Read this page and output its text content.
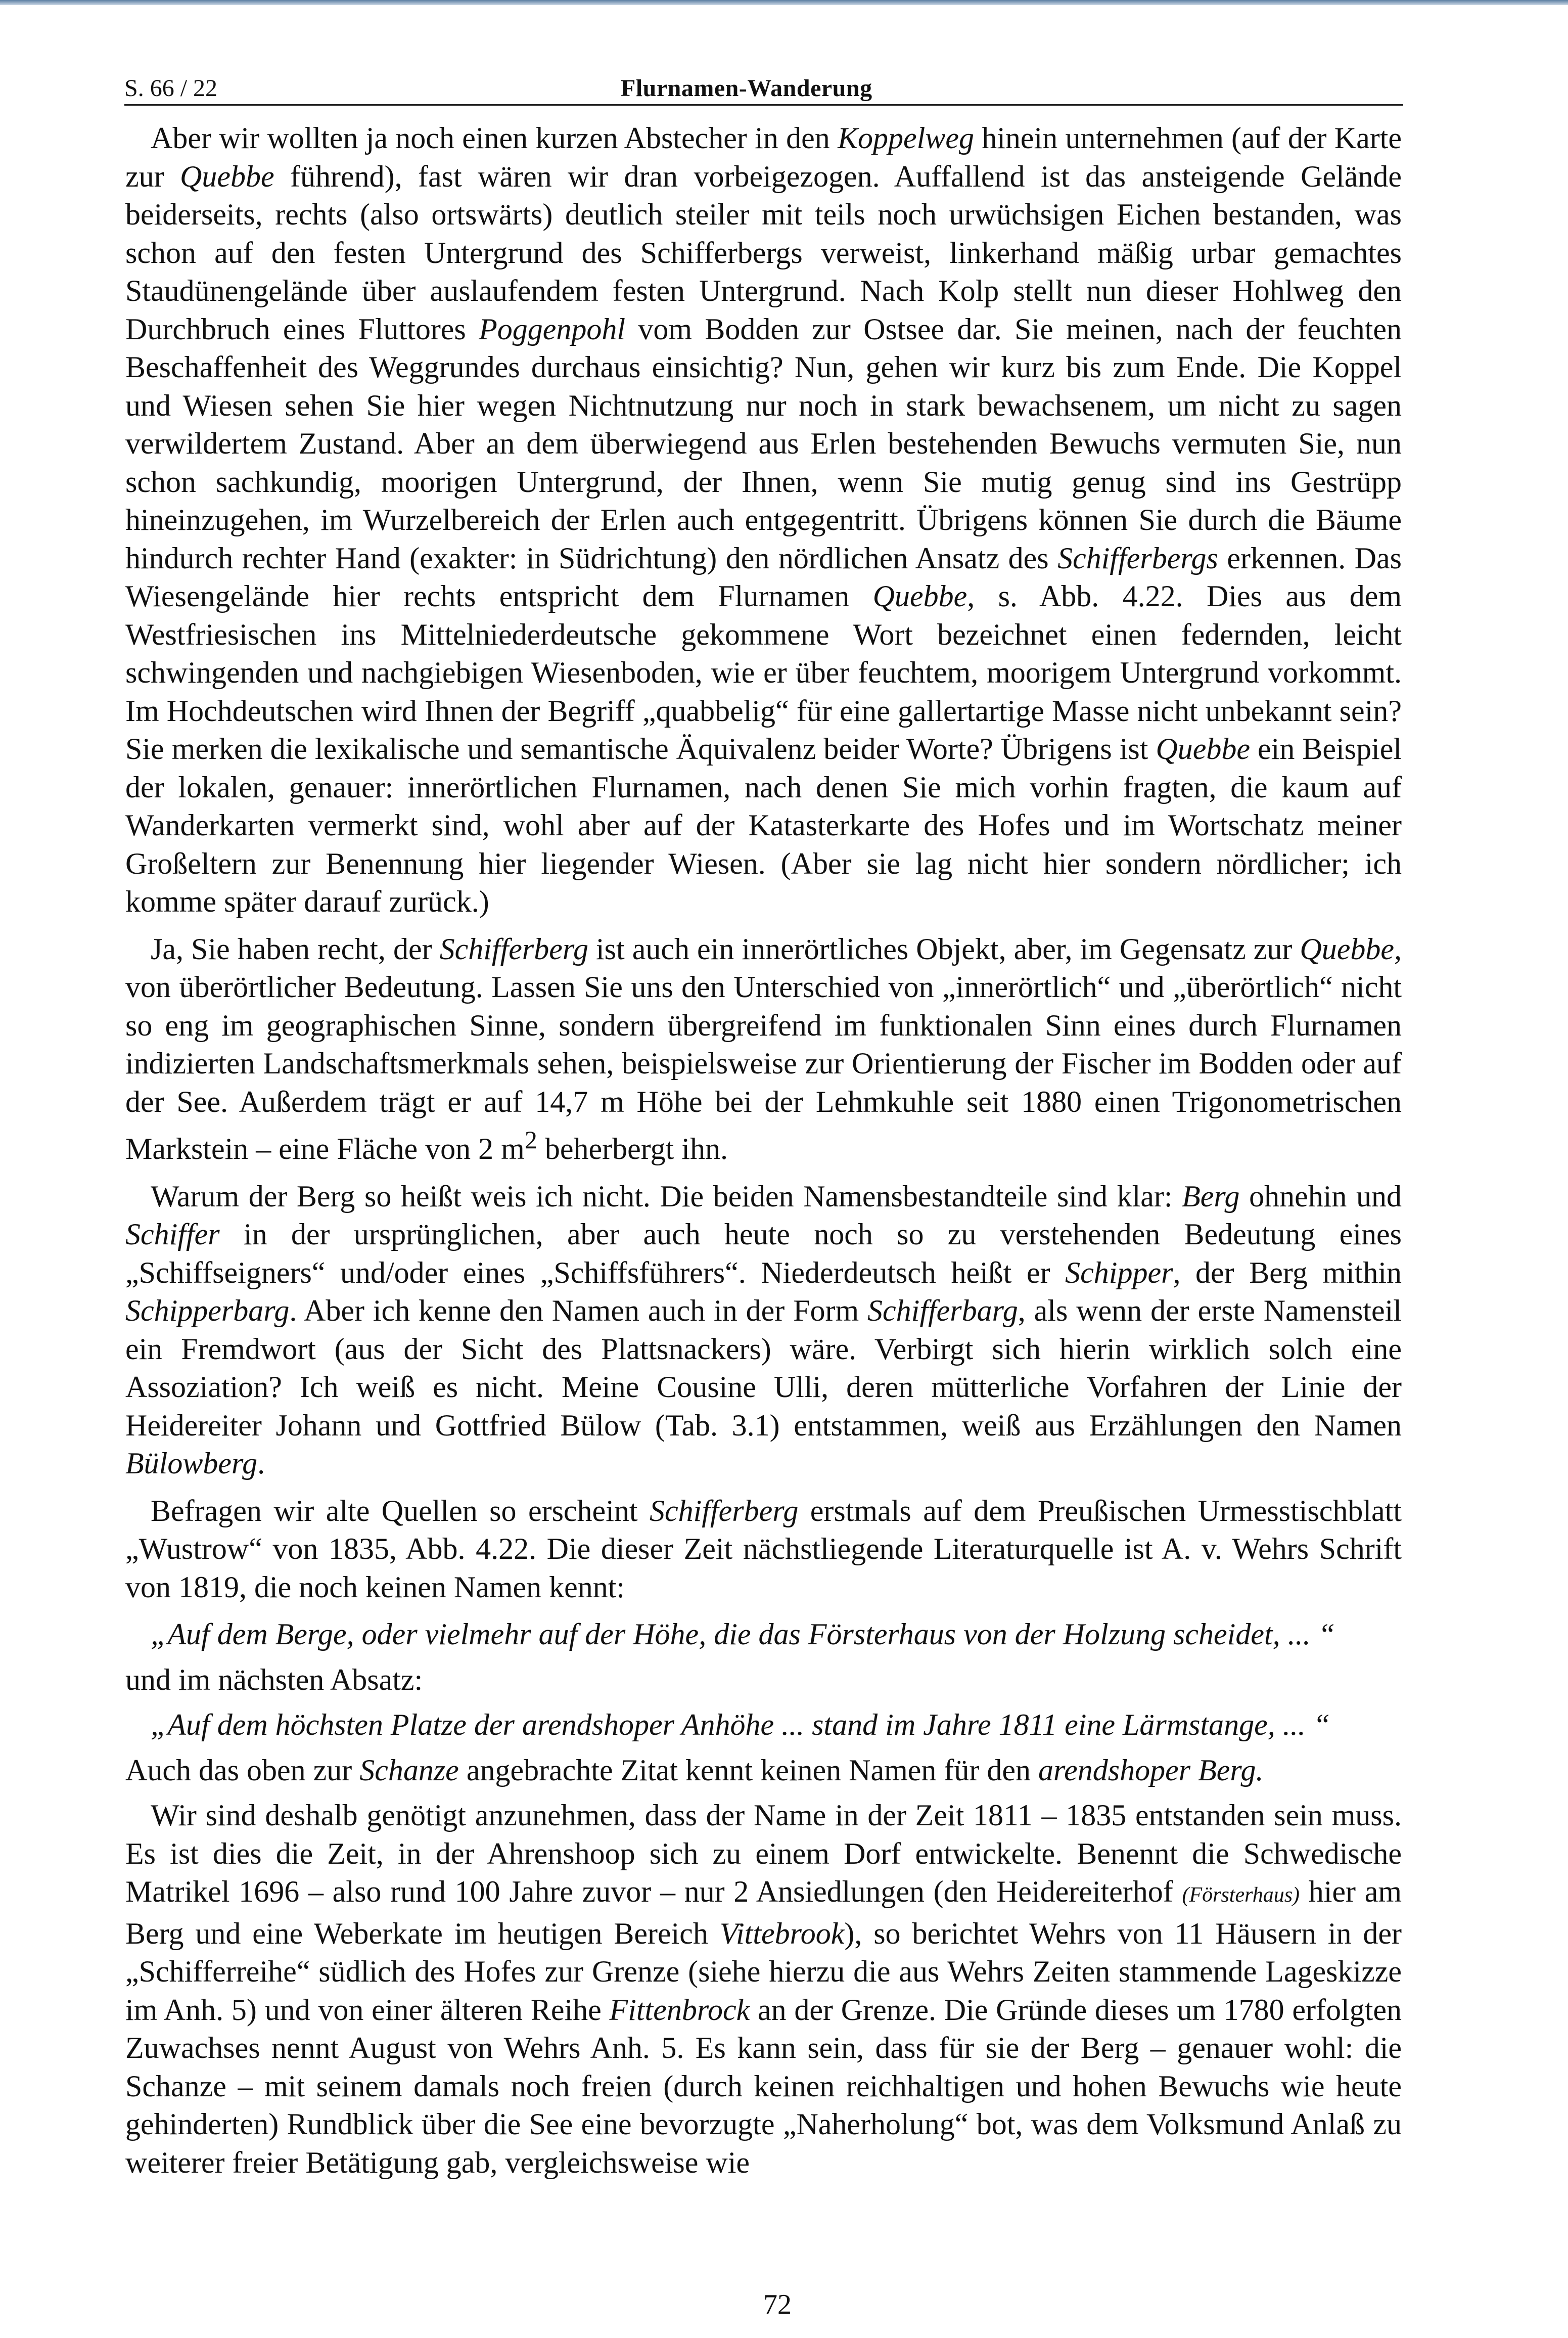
S. 66 / 22	Flurnamen-Wanderung

Aber wir wollten ja noch einen kurzen Abstecher in den Koppelweg hinein unternehmen (auf der Karte zur Quebbe führend), fast wären wir dran vorbeigezogen. Auffallend ist das ansteigende Gelände beiderseits, rechts (also ortswärts) deutlich steiler mit teils noch urwüchsigen Eichen bestanden, was schon auf den festen Untergrund des Schifferbergs verweist, linkerhand mäßig urbar gemachtes Staudünengelände über auslaufendem festen Untergrund. Nach Kolp stellt nun dieser Hohlweg den Durchbruch eines Fluttores Poggenpohl vom Bodden zur Ostsee dar. Sie meinen, nach der feuchten Beschaffenheit des Weggrundes durchaus einsichtig? Nun, gehen wir kurz bis zum Ende. Die Koppel und Wiesen sehen Sie hier wegen Nichtnutzung nur noch in stark bewachsenem, um nicht zu sagen verwildertem Zustand. Aber an dem überwiegend aus Erlen bestehenden Bewuchs vermuten Sie, nun schon sachkundig, moorigen Untergrund, der Ihnen, wenn Sie mutig genug sind ins Gestrüpp hineinzugehen, im Wurzelbereich der Erlen auch entgegentritt. Übrigens können Sie durch die Bäume hindurch rechter Hand (exakter: in Südrichtung) den nördlichen Ansatz des Schifferbergs erkennen. Das Wiesengelände hier rechts entspricht dem Flurnamen Quebbe, s. Abb. 4.22. Dies aus dem Westfriesischen ins Mittelniederdeutsche gekommene Wort bezeichnet einen federnden, leicht schwingenden und nachgiebigen Wiesenboden, wie er über feuchtem, moorigem Untergrund vorkommt. Im Hochdeutschen wird Ihnen der Begriff „quabbelig“ für eine gallertartige Masse nicht unbekannt sein? Sie merken die lexikalische und semantische Äquivalenz beider Worte? Übrigens ist Quebbe ein Beispiel der lokalen, genauer: innerörtlichen Flurnamen, nach denen Sie mich vorhin fragten, die kaum auf Wanderkarten vermerkt sind, wohl aber auf der Katasterkarte des Hofes und im Wortschatz meiner Großeltern zur Benennung hier liegender Wiesen. (Aber sie lag nicht hier sondern nördlicher; ich komme später darauf zurück.)

Ja, Sie haben recht, der Schifferberg ist auch ein innerörtliches Objekt, aber, im Gegensatz zur Quebbe, von überörtlicher Bedeutung. Lassen Sie uns den Unterschied von „innerörtlich“ und „überörtlich“ nicht so eng im geographischen Sinne, sondern übergreifend im funktionalen Sinn eines durch Flurnamen indizierten Landschaftsmerkmals sehen, beispielsweise zur Orientierung der Fischer im Bodden oder auf der See. Außerdem trägt er auf 14,7 m Höhe bei der Lehmkuhle seit 1880 einen Trigonometrischen Markstein – eine Fläche von 2 $m^2$ beherbergt ihn.

Warum der Berg so heißt weis ich nicht. Die beiden Namensbestandteile sind klar: Berg ohnehin und Schiffer in der ursprünglichen, aber auch heute noch so zu verstehenden Bedeutung eines „Schiffseigners“ und/oder eines „Schiffsführers“. Niederdeutsch heißt er Schipper, der Berg mithin Schipperbarg. Aber ich kenne den Namen auch in der Form Schifferbarg, als wenn der erste Namensteil ein Fremdwort (aus der Sicht des Plattsnackers) wäre. Verbirgt sich hierin wirklich solch eine Assoziation? Ich weiß es nicht. Meine Cousine Ulli, deren mütterliche Vorfahren der Linie der Heidereiter Johann und Gottfried Bülow (Tab. 3.1) entstammen, weiß aus Erzählungen den Namen Bülowberg.

Befragen wir alte Quellen so erscheint Schifferberg erstmals auf dem Preußischen Urmesstischblatt „Wustrow“ von 1835, Abb. 4.22. Die dieser Zeit nächstliegende Literaturquelle ist A. v. Wehrs Schrift von 1819, die noch keinen Namen kennt:

„Auf dem Berge, oder vielmehr auf der Höhe, die das Försterhaus von der Holzung scheidet, ... “

und im nächsten Absatz:

„Auf dem höchsten Platze der arendshoper Anhöhe ... stand im Jahre 1811 eine Lärmstange, ... “

Auch das oben zur Schanze angebrachte Zitat kennt keinen Namen für den arendshoper Berg.

Wir sind deshalb genötigt anzunehmen, dass der Name in der Zeit 1811 – 1835 entstanden sein muss. Es ist dies die Zeit, in der Ahrenshoop sich zu einem Dorf entwickelte. Benennt die Schwedische Matrikel 1696 – also rund 100 Jahre zuvor – nur 2 Ansiedlungen (den Heidereiterhof (Försterhaus) hier am Berg und eine Weberkate im heutigen Bereich Vittebrook), so berichtet Wehrs von 11 Häusern in der „Schifferreihe“ südlich des Hofes zur Grenze (siehe hierzu die aus Wehrs Zeiten stammende Lageskizze im Anh. 5) und von einer älteren Reihe Fittenbrock an der Grenze. Die Gründe dieses um 1780 erfolgten Zuwachses nennt August von Wehrs Anh. 5. Es kann sein, dass für sie der Berg – genauer wohl: die Schanze – mit seinem damals noch freien (durch keinen reichhaltigen und hohen Bewuchs wie heute gehinderten) Rundblick über die See eine bevorzugte „Naherholung“ bot, was dem Volksmund Anlaß zu weiterer freier Betätigung gab, vergleichsweise wie

72
